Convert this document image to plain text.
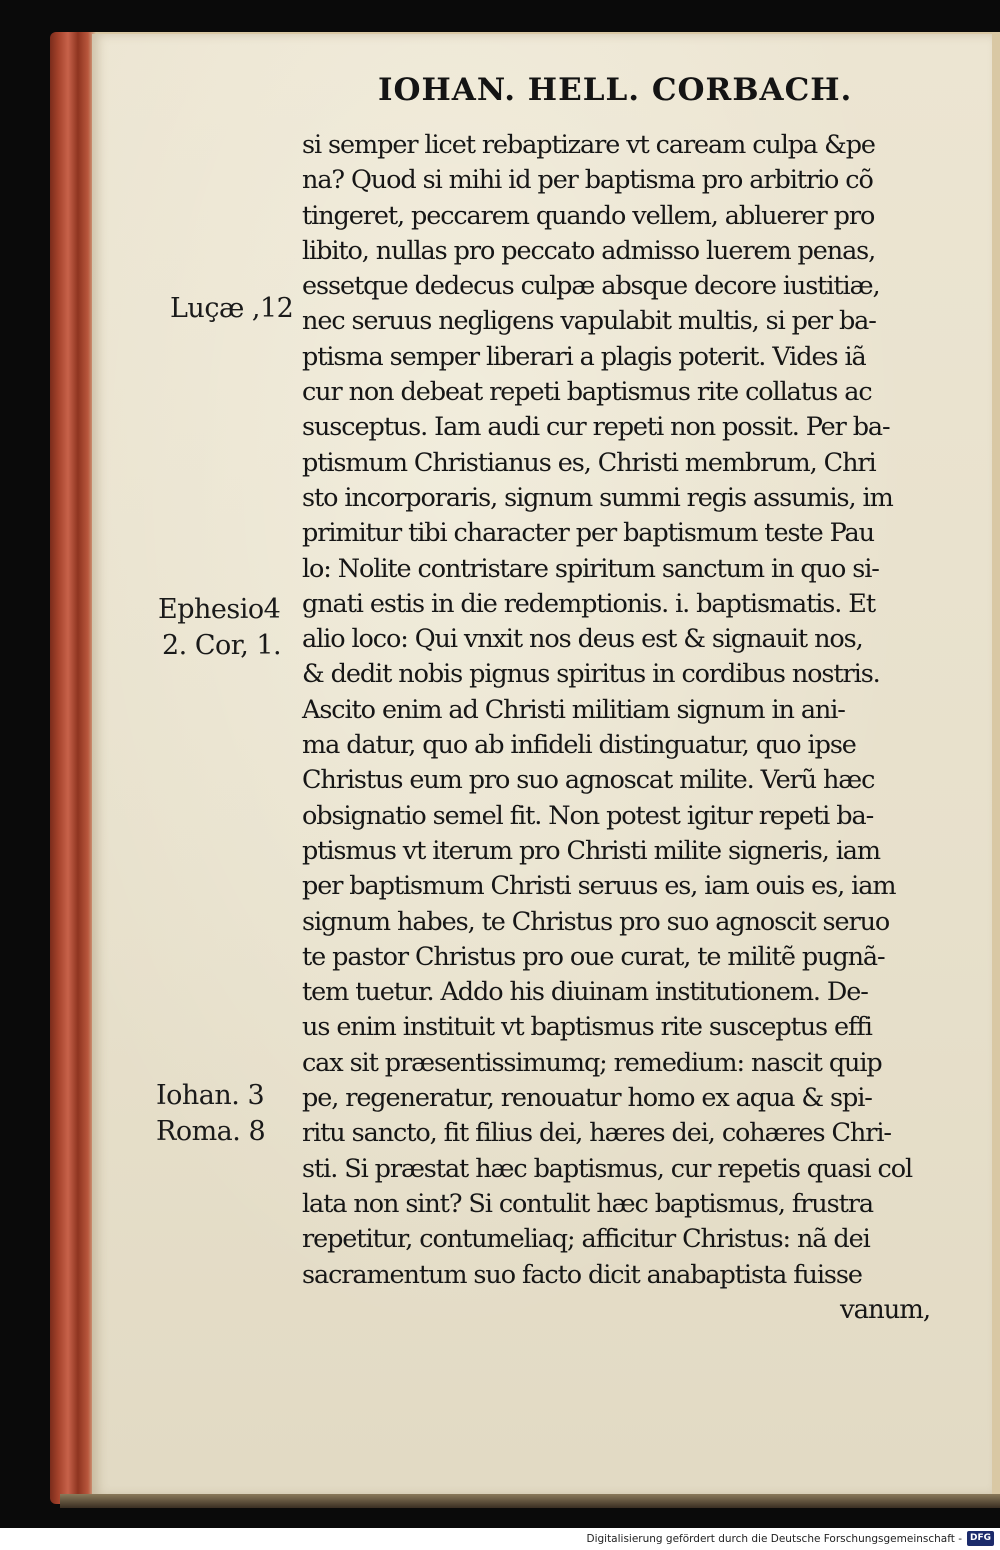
IOHAN. HELL. CORBACH.
Luçæ ,12
Ephesio4
2. Cor, 1.
Iohan. 3
Roma. 8
si semper licet rebaptizare vt caream culpa &pe
na? Quod si mihi id per baptisma pro arbitrio cõ
tingeret, peccarem quando vellem, abluerer pro
libito, nullas pro peccato admisso luerem penas,
essetque dedecus culpæ absque decore iustitiæ,
nec seruus negligens vapulabit multis, si per ba-
ptisma semper liberari a plagis poterit. Vides iã
cur non debeat repeti baptismus rite collatus ac
susceptus. Iam audi cur repeti non possit. Per ba-
ptismum Christianus es, Christi membrum, Chri
sto incorporaris, signum summi regis assumis, im
primitur tibi character per baptismum teste Pau
lo: Nolite contristare spiritum sanctum in quo si-
gnati estis in die redemptionis. i. baptismatis. Et
alio loco: Qui vnxit nos deus est & signauit nos,
& dedit nobis pignus spiritus in cordibus nostris.
Ascito enim ad Christi militiam signum in ani-
ma datur, quo ab infideli distinguatur, quo ipse
Christus eum pro suo agnoscat milite. Verũ hæc
obsignatio semel fit. Non potest igitur repeti ba-
ptismus vt iterum pro Christi milite signeris, iam
per baptismum Christi seruus es, iam ouis es, iam
signum habes, te Christus pro suo agnoscit seruo
te pastor Christus pro oue curat, te militẽ pugnã-
tem tuetur. Addo his diuinam institutionem. De-
us enim instituit vt baptismus rite susceptus effi
cax sit præsentissimumq; remedium: nascit quip
pe, regeneratur, renouatur homo ex aqua & spi-
ritu sancto, fit filius dei, hæres dei, cohæres Chri-
sti. Si præstat hæc baptismus, cur repetis quasi col
lata non sint? Si contulit hæc baptismus, frustra
repetitur, contumeliaq; afficitur Christus: nã dei
sacramentum suo facto dicit anabaptista fuisse
vanum,
Digitalisierung gefördert durch die Deutsche Forschungsgemeinschaft - DFG
